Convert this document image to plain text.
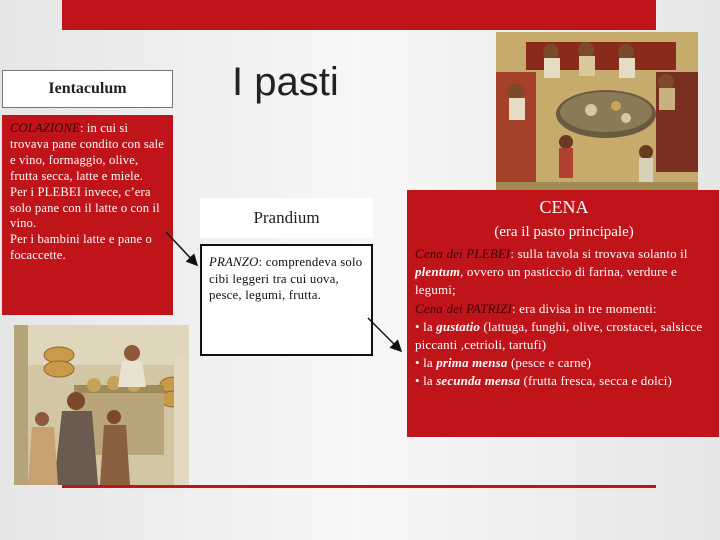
I pasti
Ientaculum
COLAZIONE: in cui si trovava pane condito con sale e vino, formaggio, olive, frutta secca, latte e miele.
Per i PLEBEI invece, c’era solo pane con il latte o con il vino.
Per i bambini latte e pane o focaccette.
Prandium
PRANZO: comprendeva solo cibi leggeri tra cui uova, pesce, legumi, frutta.
CENA
(era il pasto principale)
Cena dei PLEBEI: sulla tavola si trovava solanto il plentum, ovvero un pasticcio di farina, verdure e legumi;
Cena dei PATRIZI: era divisa in tre momenti:
• la gustatio (lattuga, funghi, olive, crostacei, salsicce piccanti ,cetrioli, tartufi)
• la prima mensa (pesce e carne)
• la secunda mensa (frutta fresca, secca e dolci)
